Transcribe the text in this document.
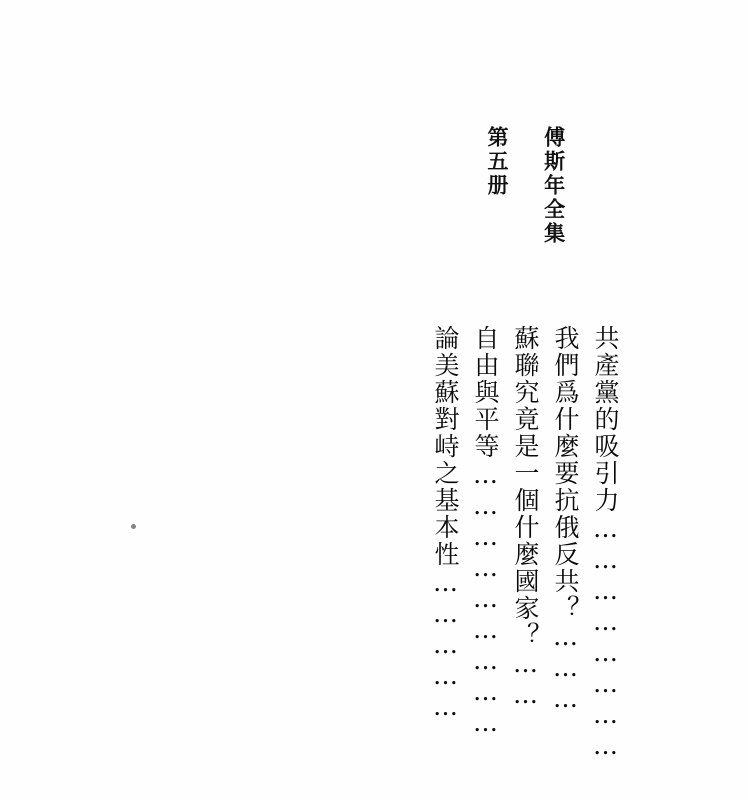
傅斯年全集

第五册

論美蘇對峙之基本性……………
自由與平等……………………… 蘇聯究竟是一個什麼國家？……
我們爲什麼要抗俄反共？………
共產黨的吸引力……………………
